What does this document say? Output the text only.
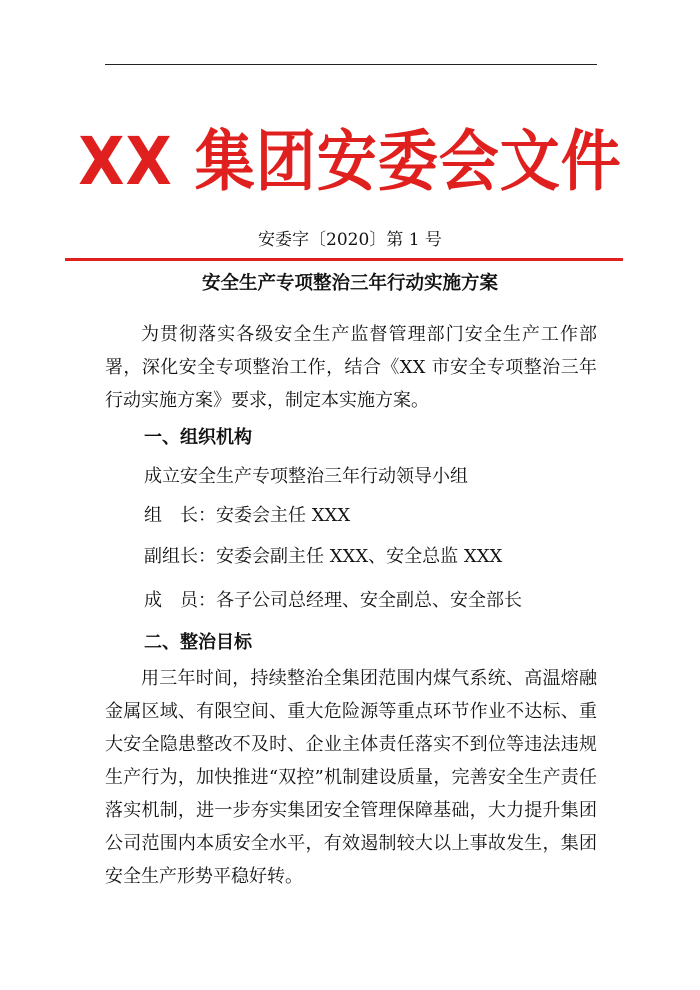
XX 集团安委会文件
安委字〔2020〕第 1 号
安全生产专项整治三年行动实施方案

为贯彻落实各级安全生产监督管理部门安全生产工作部署，深化安全专项整治工作，结合《XX 市安全专项整治三年行动实施方案》要求，制定本实施方案。

一、组织机构
成立安全生产专项整治三年行动领导小组
组　长：安委会主任 XXX
副组长：安委会副主任 XXX、安全总监 XXX
成　员：各子公司总经理、安全副总、安全部长
二、整治目标

用三年时间，持续整治全集团范围内煤气系统、高温熔融金属区域、有限空间、重大危险源等重点环节作业不达标、重大安全隐患整改不及时、企业主体责任落实不到位等违法违规生产行为，加快推进“双控”机制建设质量，完善安全生产责任落实机制，进一步夯实集团安全管理保障基础，大力提升集团公司范围内本质安全水平，有效遏制较大以上事故发生，集团安全生产形势平稳好转。
